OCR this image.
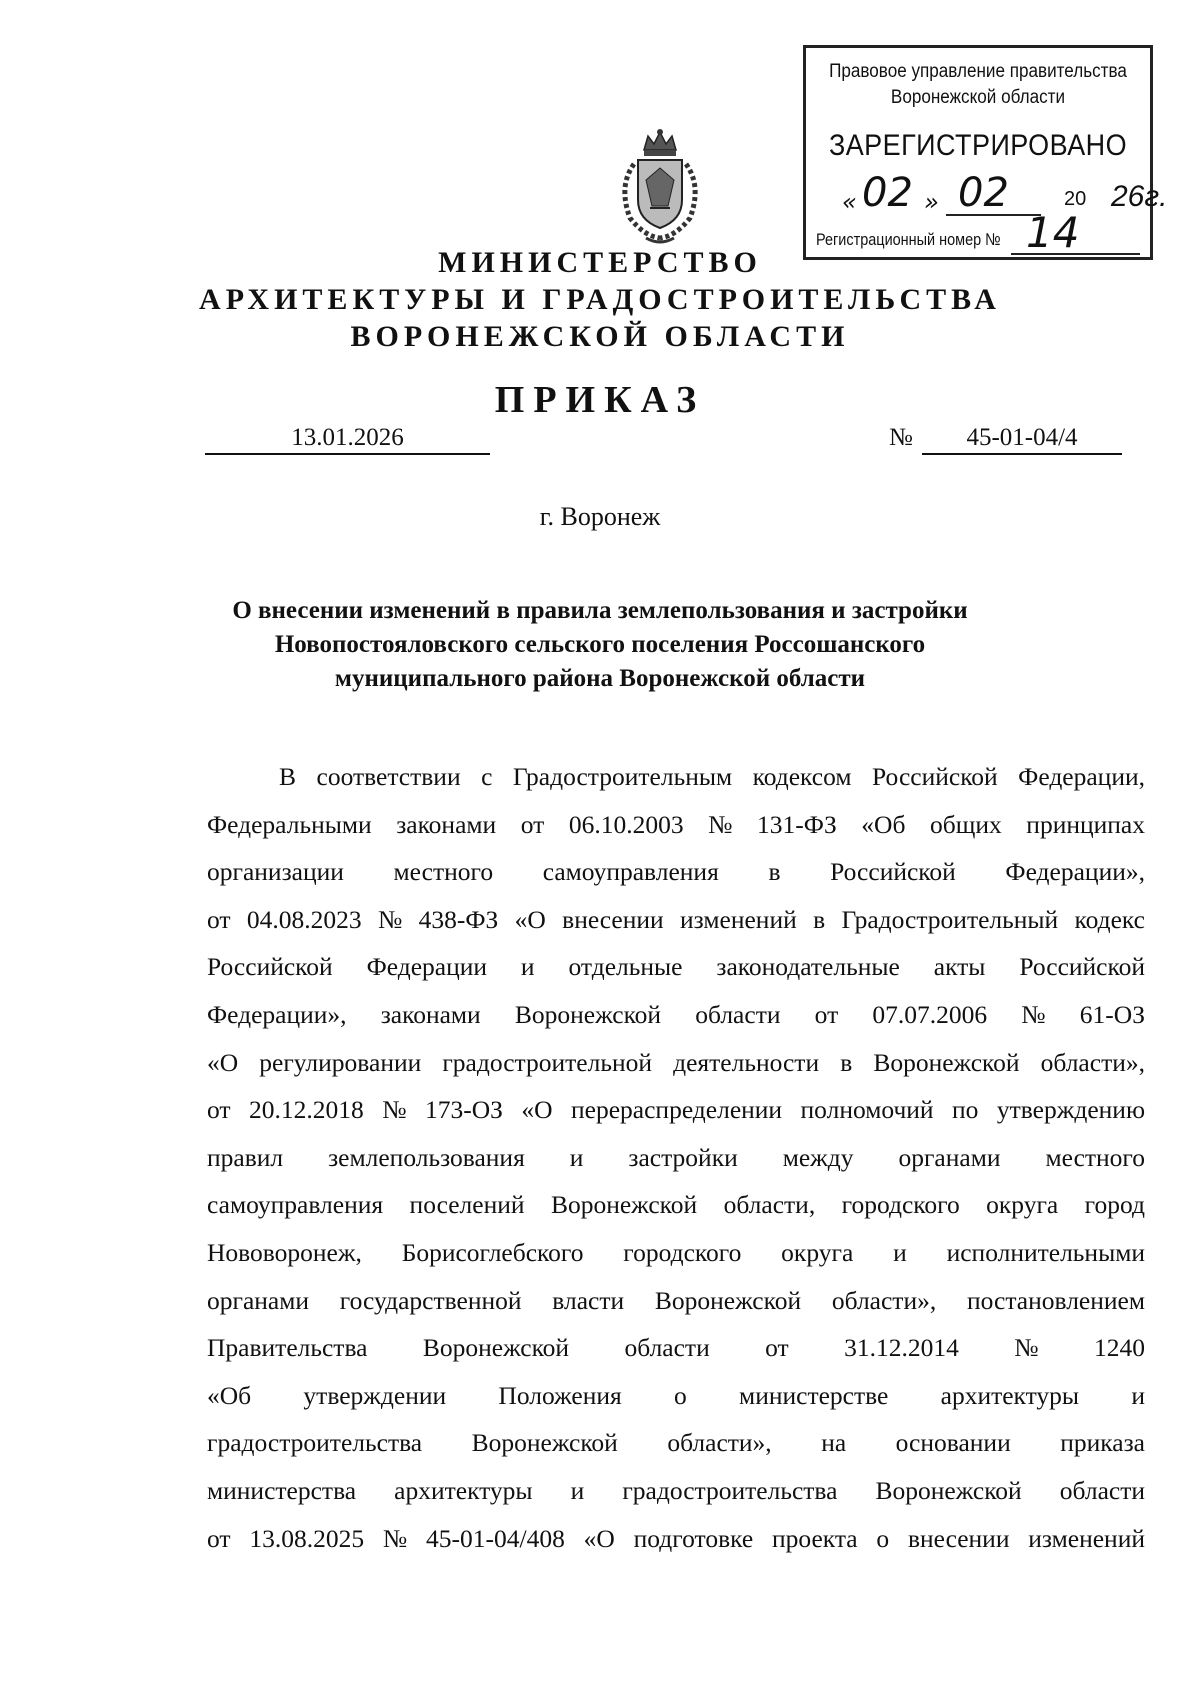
Правовое управление правительства
Воронежской области
ЗАРЕГИСТРИРОВАНО
« 02 » 02	20 26г.
Регистрационный номер № 14
МИНИСТЕРСТВО
АРХИТЕКТУРЫ И ГРАДОСТРОИТЕЛЬСТВА
ВОРОНЕЖСКОЙ ОБЛАСТИ
ПРИКАЗ
13.01.2026	№	45-01-04/4
г. Воронеж
О внесении изменений в правила землепользования и застройки
Новопостояловского сельского поселения Россошанского
муниципального района Воронежской области
В соответствии с Градостроительным кодексом Российской Федерации,
Федеральными законами от 06.10.2003 № 131-ФЗ «Об общих принципах
организации местного самоуправления в Российской Федерации»,
от 04.08.2023 № 438-ФЗ «О внесении изменений в Градостроительный кодекс
Российской Федерации и отдельные законодательные акты Российской
Федерации», законами Воронежской области от 07.07.2006 № 61-ОЗ
«О регулировании градостроительной деятельности в Воронежской области»,
от 20.12.2018 № 173-ОЗ «О перераспределении полномочий по утверждению
правил землепользования и застройки между органами местного
самоуправления поселений Воронежской области, городского округа город
Нововоронеж, Борисоглебского городского округа и исполнительными
органами государственной власти Воронежской области», постановлением
Правительства Воронежской области от 31.12.2014 № 1240
«Об утверждении Положения о министерстве архитектуры и
градостроительства Воронежской области», на основании приказа
министерства архитектуры и градостроительства Воронежской области
от 13.08.2025 № 45-01-04/408 «О подготовке проекта о внесении изменений
